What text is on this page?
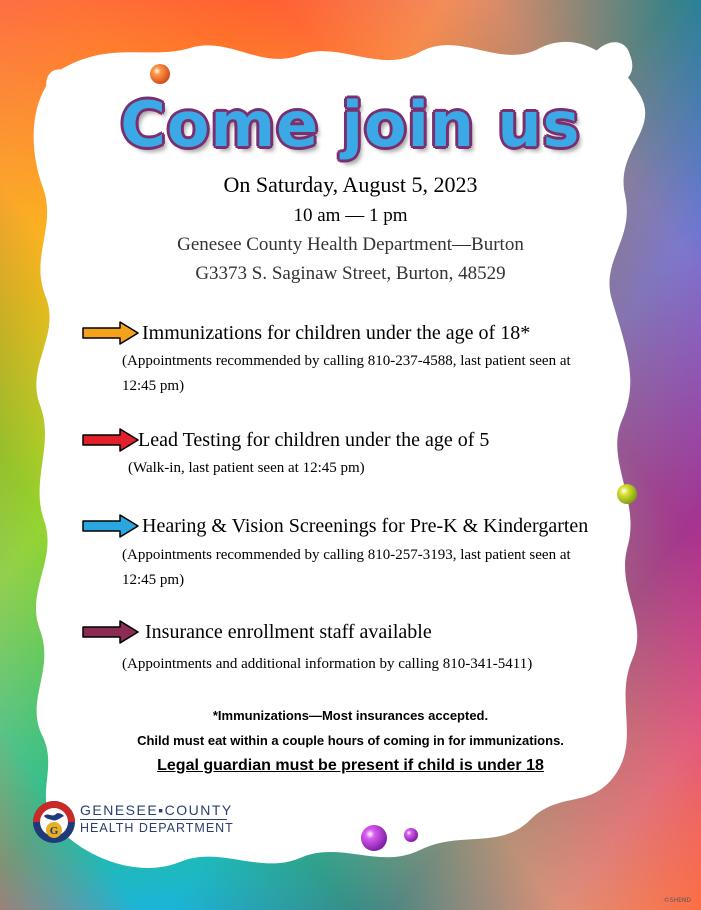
Come join us
On Saturday, August 5, 2023
10 am — 1 pm
Genesee County Health Department—Burton
G3373 S. Saginaw Street, Burton, 48529
Immunizations for children under the age of 18*
(Appointments recommended by calling 810-237-4588, last patient seen at 12:45 pm)
Lead Testing for children under the age of 5
(Walk-in, last patient seen at 12:45 pm)
Hearing & Vision Screenings for Pre-K & Kindergarten
(Appointments recommended by calling 810-257-3193, last patient seen at 12:45 pm)
Insurance enrollment staff available
(Appointments and additional information by calling 810-341-5411)
*Immunizations—Most insurances accepted.
Child must eat within a couple hours of coming in for immunizations.
Legal guardian must be present if child is under 18
G
GENESEE▪COUNTY
HEALTH DEPARTMENT
©SHEND
